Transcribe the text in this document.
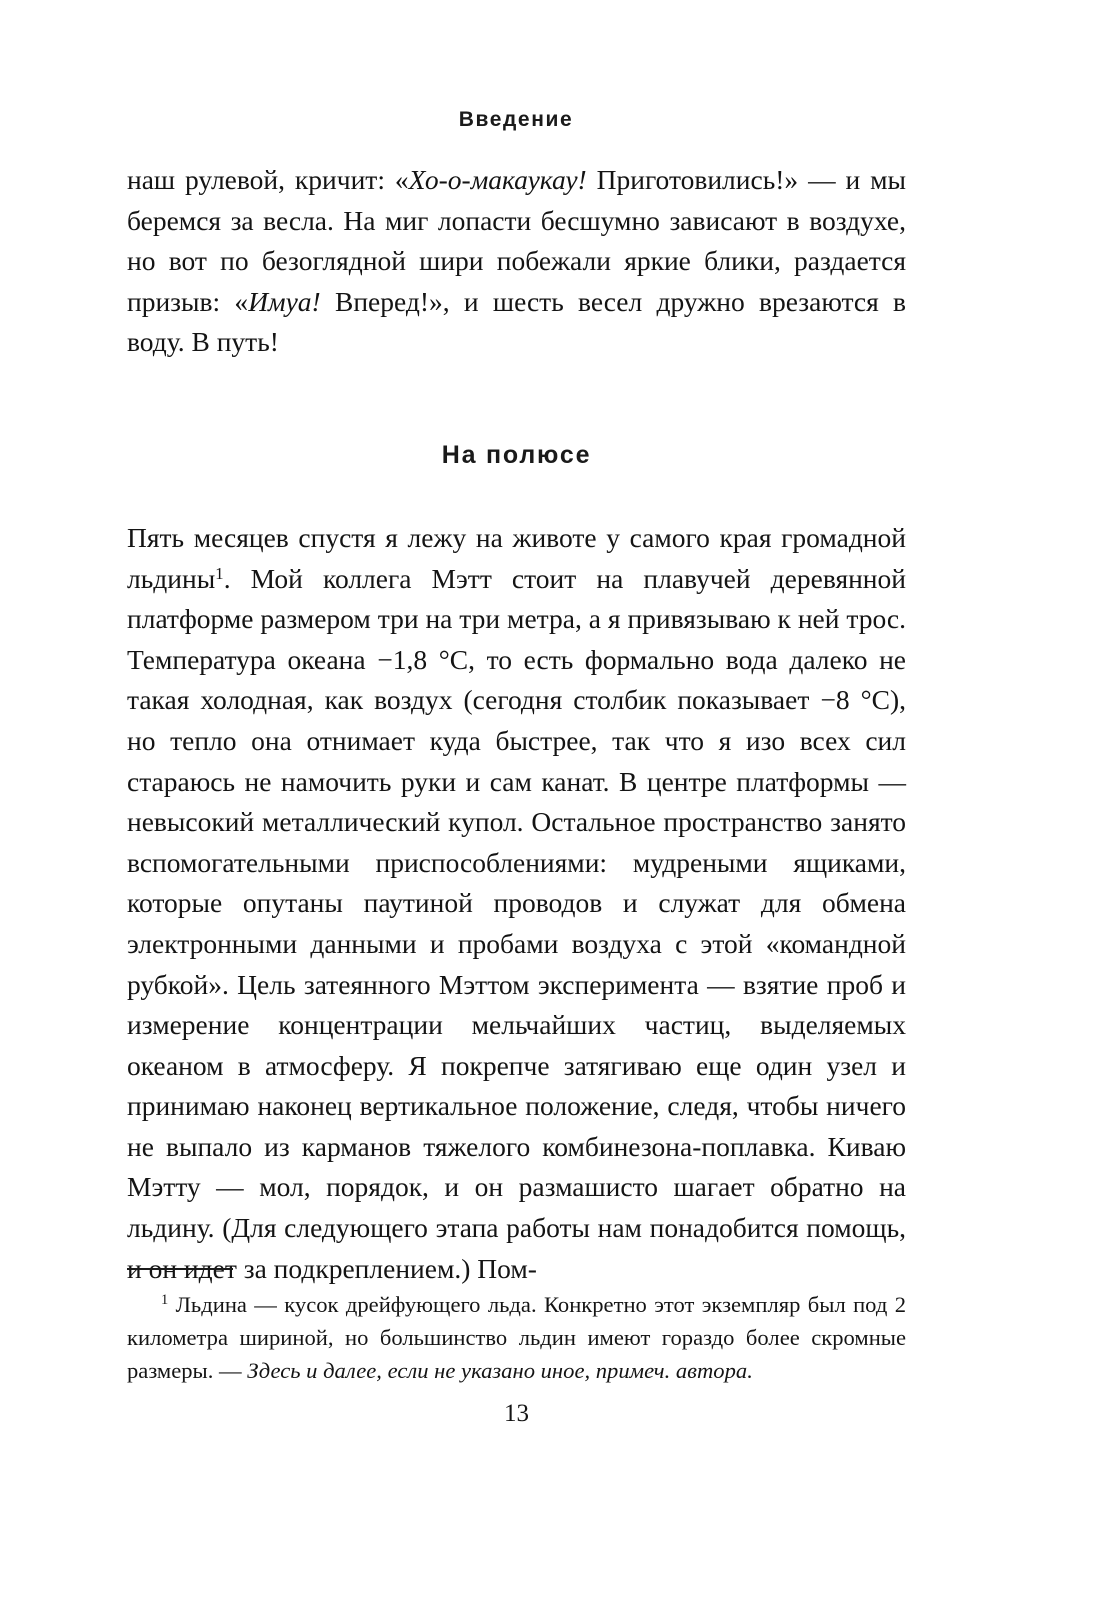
Введение

наш рулевой, кричит: «Хо-о-макаукау! Приготовились!» — и мы беремся за весла. На миг лопасти бесшумно зависают в воздухе, но вот по безоглядной шири побежали яркие блики, раздается призыв: «Имуа! Вперед!», и шесть весел дружно врезаются в воду. В путь!

На полюсе

Пять месяцев спустя я лежу на животе у самого края громадной льдины$^1$. Мой коллега Мэтт стоит на плавучей деревянной платформе размером три на три метра, а я привязываю к ней трос. Температура океана −1,8 °C, то есть формально вода далеко не такая холодная, как воздух (сегодня столбик показывает −8 °C), но тепло она отнимает куда быстрее, так что я изо всех сил стараюсь не намочить руки и сам канат. В центре платформы — невысокий металлический купол. Остальное пространство занято вспомогательными приспособлениями: мудреными ящиками, которые опутаны паутиной проводов и служат для обмена электронными данными и пробами воздуха с этой «командной рубкой». Цель затеянного Мэттом эксперимента — взятие проб и измерение концентрации мельчайших частиц, выделяемых океаном в атмосферу. Я покрепче затягиваю еще один узел и принимаю наконец вертикальное положение, следя, чтобы ничего не выпало из карманов тяжелого комбинезона-поплавка. Киваю Мэтту — мол, порядок, и он размашисто шагает обратно на льдину. (Для следующего этапа работы нам понадобится помощь, и он идет за подкреплением.) Пом-

$^1$ Льдина — кусок дрейфующего льда. Конкретно этот экземпляр был под 2 километра шириной, но большинство льдин имеют гораздо более скромные размеры. — Здесь и далее, если не указано иное, примеч. автора.

13
